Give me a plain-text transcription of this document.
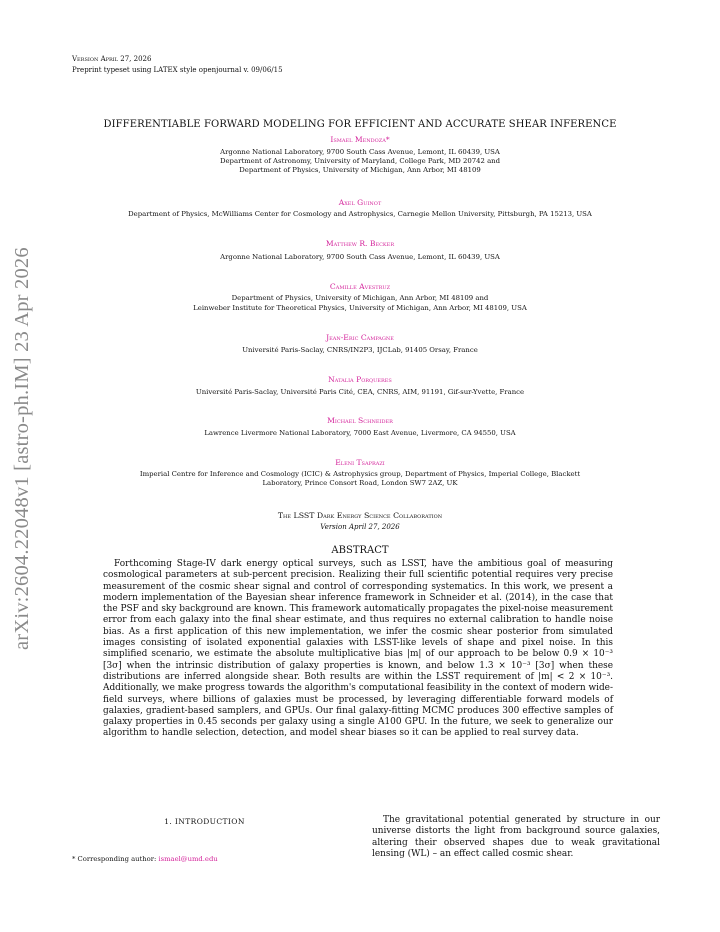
Version April 27, 2026
Preprint typeset using LATEX style openjournal v. 09/06/15
arXiv:2604.22048v1 [astro-ph.IM] 23 Apr 2026
DIFFERENTIABLE FORWARD MODELING FOR EFFICIENT AND ACCURATE SHEAR INFERENCE
Ismael Mendoza*
Argonne National Laboratory, 9700 South Cass Avenue, Lemont, IL 60439, USA
Department of Astronomy, University of Maryland, College Park, MD 20742 and
Department of Physics, University of Michigan, Ann Arbor, MI 48109
Axel Guinot
Department of Physics, McWilliams Center for Cosmology and Astrophysics, Carnegie Mellon University, Pittsburgh, PA 15213, USA
Matthew R. Becker
Argonne National Laboratory, 9700 South Cass Avenue, Lemont, IL 60439, USA
Camille Avestruz
Department of Physics, University of Michigan, Ann Arbor, MI 48109 and
Leinweber Institute for Theoretical Physics, University of Michigan, Ann Arbor, MI 48109, USA
Jean-Eric Campagne
Université Paris-Saclay, CNRS/IN2P3, IJCLab, 91405 Orsay, France
Natalia Porqueres
Université Paris-Saclay, Université Paris Cité, CEA, CNRS, AIM, 91191, Gif-sur-Yvette, France
Michael Schneider
Lawrence Livermore National Laboratory, 7000 East Avenue, Livermore, CA 94550, USA
Eleni Tsaprazi
Imperial Centre for Inference and Cosmology (ICIC) & Astrophysics group, Department of Physics, Imperial College, Blackett
Laboratory, Prince Consort Road, London SW7 2AZ, UK
The LSST Dark Energy Science Collaboration
Version April 27, 2026
ABSTRACT

Forthcoming Stage-IV dark energy optical surveys, such as LSST, have the ambitious goal of measuring cosmological parameters at sub-percent precision. Realizing their full scientific potential requires very precise measurement of the cosmic shear signal and control of corresponding systematics. In this work, we present a modern implementation of the Bayesian shear inference framework in Schneider et al. (2014), in the case that the PSF and sky background are known. This framework automatically propagates the pixel-noise measurement error from each galaxy into the final shear estimate, and thus requires no external calibration to handle noise bias. As a first application of this new implementation, we infer the cosmic shear posterior from simulated images consisting of isolated exponential galaxies with LSST-like levels of shape and pixel noise. In this simplified scenario, we estimate the absolute multiplicative bias |m| of our approach to be below 0.9 × 10⁻³ [3σ] when the intrinsic distribution of galaxy properties is known, and below 1.3 × 10⁻³ [3σ] when these distributions are inferred alongside shear. Both results are within the LSST requirement of |m| < 2 × 10⁻³. Additionally, we make progress towards the algorithm's computational feasibility in the context of modern wide-field surveys, where billions of galaxies must be processed, by leveraging differentiable forward models of galaxies, gradient-based samplers, and GPUs. Our final galaxy-fitting MCMC produces 300 effective samples of galaxy properties in 0.45 seconds per galaxy using a single A100 GPU. In the future, we seek to generalize our algorithm to handle selection, detection, and model shear biases so it can be applied to real survey data.

1. INTRODUCTION
* Corresponding author: ismael@umd.edu

The gravitational potential generated by structure in our universe distorts the light from background source galaxies, altering their observed shapes due to weak gravitational lensing (WL) – an effect called cosmic shear.
